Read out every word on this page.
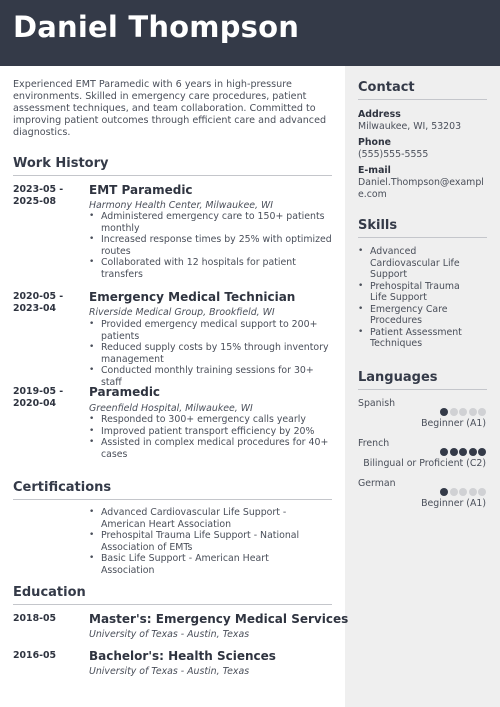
Daniel Thompson
Experienced EMT Paramedic with 6 years in high-pressure environments. Skilled in emergency care procedures, patient assessment techniques, and team collaboration. Committed to improving patient outcomes through efficient care and advanced diagnostics.
Work History
2023-05 - 2025-08
EMT Paramedic
Harmony Health Center, Milwaukee, WI
• Administered emergency care to 150+ patients monthly
• Increased response times by 25% with optimized routes
• Collaborated with 12 hospitals for patient transfers
2020-05 - 2023-04
Emergency Medical Technician
Riverside Medical Group, Brookfield, WI
• Provided emergency medical support to 200+ patients
• Reduced supply costs by 15% through inventory management
• Conducted monthly training sessions for 30+ staff
2019-05 - 2020-04
Paramedic
Greenfield Hospital, Milwaukee, WI
• Responded to 300+ emergency calls yearly
• Improved patient transport efficiency by 20%
• Assisted in complex medical procedures for 40+ cases
Certifications
• Advanced Cardiovascular Life Support - American Heart Association
• Prehospital Trauma Life Support - National Association of EMTs
• Basic Life Support - American Heart Association
Education
2018-05	Master's: Emergency Medical Services
University of Texas - Austin, Texas
2016-05	Bachelor's: Health Sciences
University of Texas - Austin, Texas
Contact
Address
Milwaukee, WI, 53203
Phone
(555)555-5555
E-mail
Daniel.Thompson@example.com
Skills
• Advanced Cardiovascular Life Support
• Prehospital Trauma Life Support
• Emergency Care Procedures
• Patient Assessment Techniques
Languages
Spanish
Beginner (A1)
French
Bilingual or Proficient (C2)
German
Beginner (A1)
